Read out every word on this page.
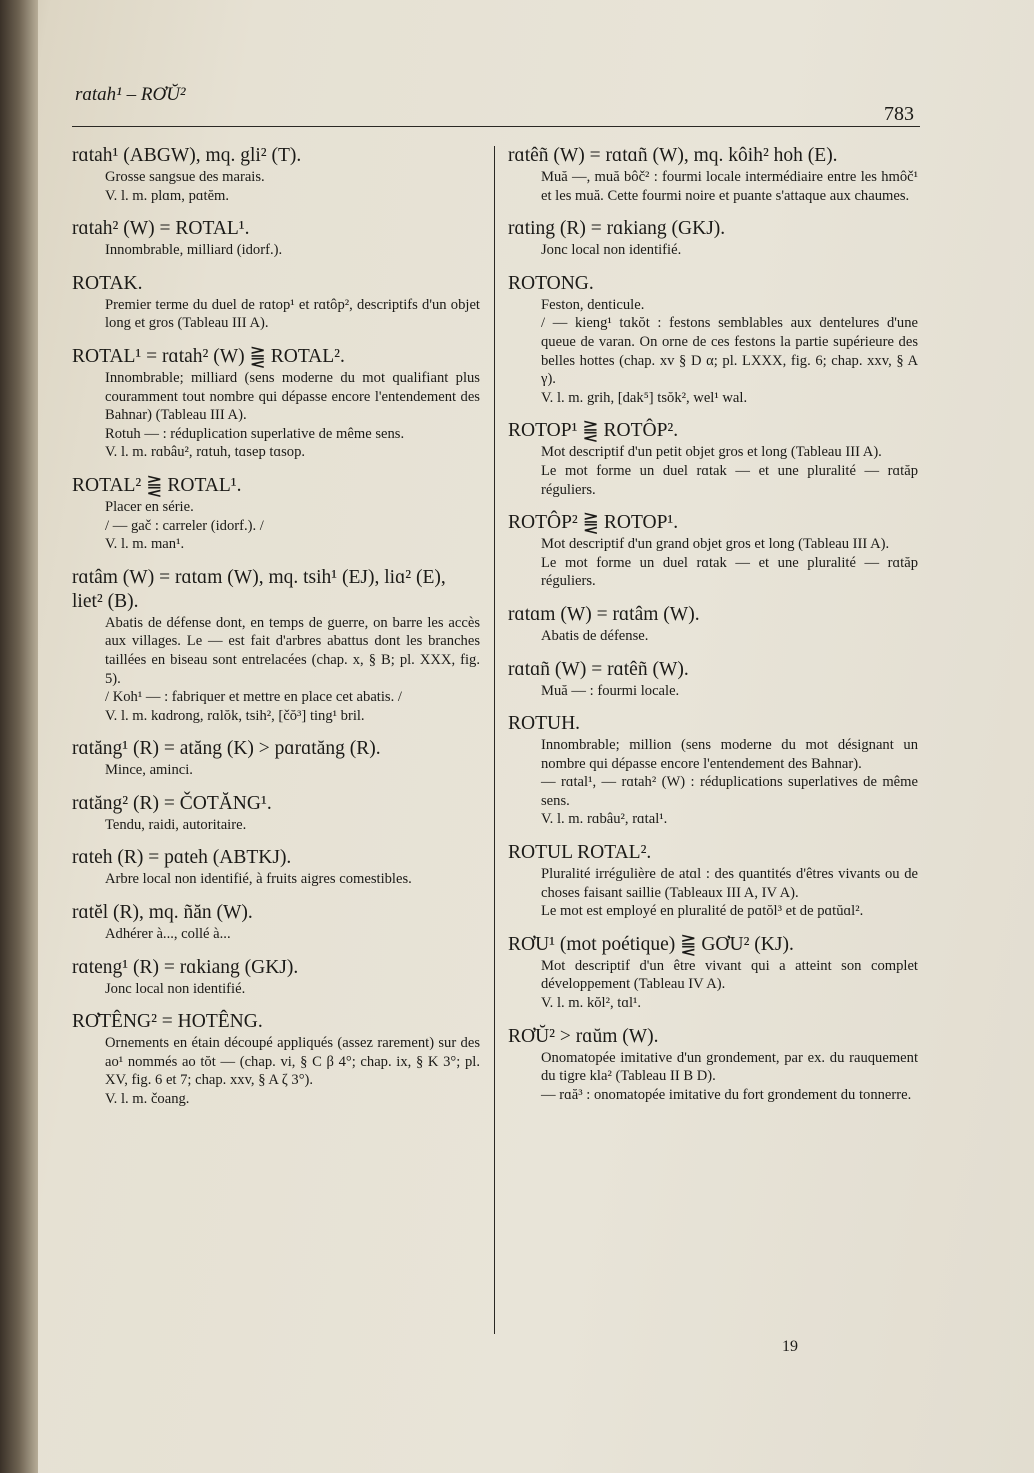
rɑtah¹ – RƠŬ²
783
rɑtah¹ (ABGW), mq. gli² (T).
Grosse sangsue des marais.
V. l. m. plɑm, pɑtĕm.
rɑtah² (W) = ROTAL¹.
Innombrable, milliard (idorf.).
ROTAK.
Premier terme du duel de rɑtop¹ et rɑtôp², descriptifs d'un objet long et gros (Tableau III A).
ROTAL¹ = rɑtah² (W) ⪌ ROTAL².
Innombrable; milliard (sens moderne du mot qualifiant plus couramment tout nombre qui dépasse encore l'entendement des Bahnar) (Tableau III A).
Rotuh — : réduplication superlative de même sens.
V. l. m. rɑbâu², rɑtuh, tɑsep tɑsop.
ROTAL² ⪌ ROTAL¹.
Placer en série.
/ — gač : carreler (idorf.). /
V. l. m. man¹.
rɑtâm (W) = rɑtɑm (W), mq. tsih¹ (EJ), liɑ² (E), liet² (B).
Abatis de défense dont, en temps de guerre, on barre les accès aux villages. Le — est fait d'arbres abattus dont les branches taillées en biseau sont entrelacées (chap. x, § B; pl. XXX, fig. 5).
/ Koh¹ — : fabriquer et mettre en place cet abatis. /
V. l. m. kɑdrong, rɑlŏk, tsih², [čŏ³] ting¹ bril.
rɑtăng¹ (R) = atăng (K) > pɑrɑtăng (R).
Mince, aminci.
rɑtăng² (R) = ČOTĂNG¹.
Tendu, raidi, autoritaire.
rɑteh (R) = pɑteh (ABTKJ).
Arbre local non identifié, à fruits aigres comestibles.
rɑtĕl (R), mq. ñăn (W).
Adhérer à..., collé à...
rɑteng¹ (R) = rɑkiang (GKJ).
Jonc local non identifié.
RƠTÊNG² = HOTÊNG.
Ornements en étain découpé appliqués (assez rarement) sur des ao¹ nommés ao tŏt — (chap. vi, § C β 4°; chap. ix, § K 3°; pl. XV, fig. 6 et 7; chap. xxv, § A ζ 3°).
V. l. m. čoang.
rɑtêñ (W) = rɑtɑñ (W), mq. kôih² hoh (E).
Muă —, muă bôč² : fourmi locale intermédiaire entre les hmôč¹ et les muă. Cette fourmi noire et puante s'attaque aux chaumes.
rɑting (R) = rɑkiang (GKJ).
Jonc local non identifié.
ROTONG.
Feston, denticule.
/ — kieng¹ tɑkŏt : festons semblables aux dentelures d'une queue de varan. On orne de ces festons la partie supérieure des belles hottes (chap. xv § D α; pl. LXXX, fig. 6; chap. xxv, § A γ).
V. l. m. grih, [dak⁵] tsŏk², wel¹ wal.
ROTOP¹ ⪌ ROTÔP².
Mot descriptif d'un petit objet gros et long (Tableau III A).
Le mot forme un duel rɑtak — et une pluralité — rɑtăp réguliers.
ROTÔP² ⪌ ROTOP¹.
Mot descriptif d'un grand objet gros et long (Tableau III A).
Le mot forme un duel rɑtak — et une pluralité — rɑtăp réguliers.
rɑtɑm (W) = rɑtâm (W).
Abatis de défense.
rɑtɑñ (W) = rɑtêñ (W).
Muă — : fourmi locale.
ROTUH.
Innombrable; million (sens moderne du mot désignant un nombre qui dépasse encore l'entendement des Bahnar).
— rɑtal¹, — rɑtah² (W) : réduplications superlatives de même sens.
V. l. m. rɑbâu², rɑtal¹.
ROTUL ROTAL².
Pluralité irrégulière de atɑl : des quantités d'êtres vivants ou de choses faisant saillie (Tableaux III A, IV A).
Le mot est employé en pluralité de pɑtŏl³ et de pɑtŭɑl².
RƠU¹ (mot poétique) ⪌ GƠU² (KJ).
Mot descriptif d'un être vivant qui a atteint son complet développement (Tableau IV A).
V. l. m. kŏl², tɑl¹.
RƠŬ² > rɑŭm (W).
Onomatopée imitative d'un grondement, par ex. du rauquement du tigre kla² (Tableau II B D).
— rɑă³ : onomatopée imitative du fort grondement du tonnerre.
19
